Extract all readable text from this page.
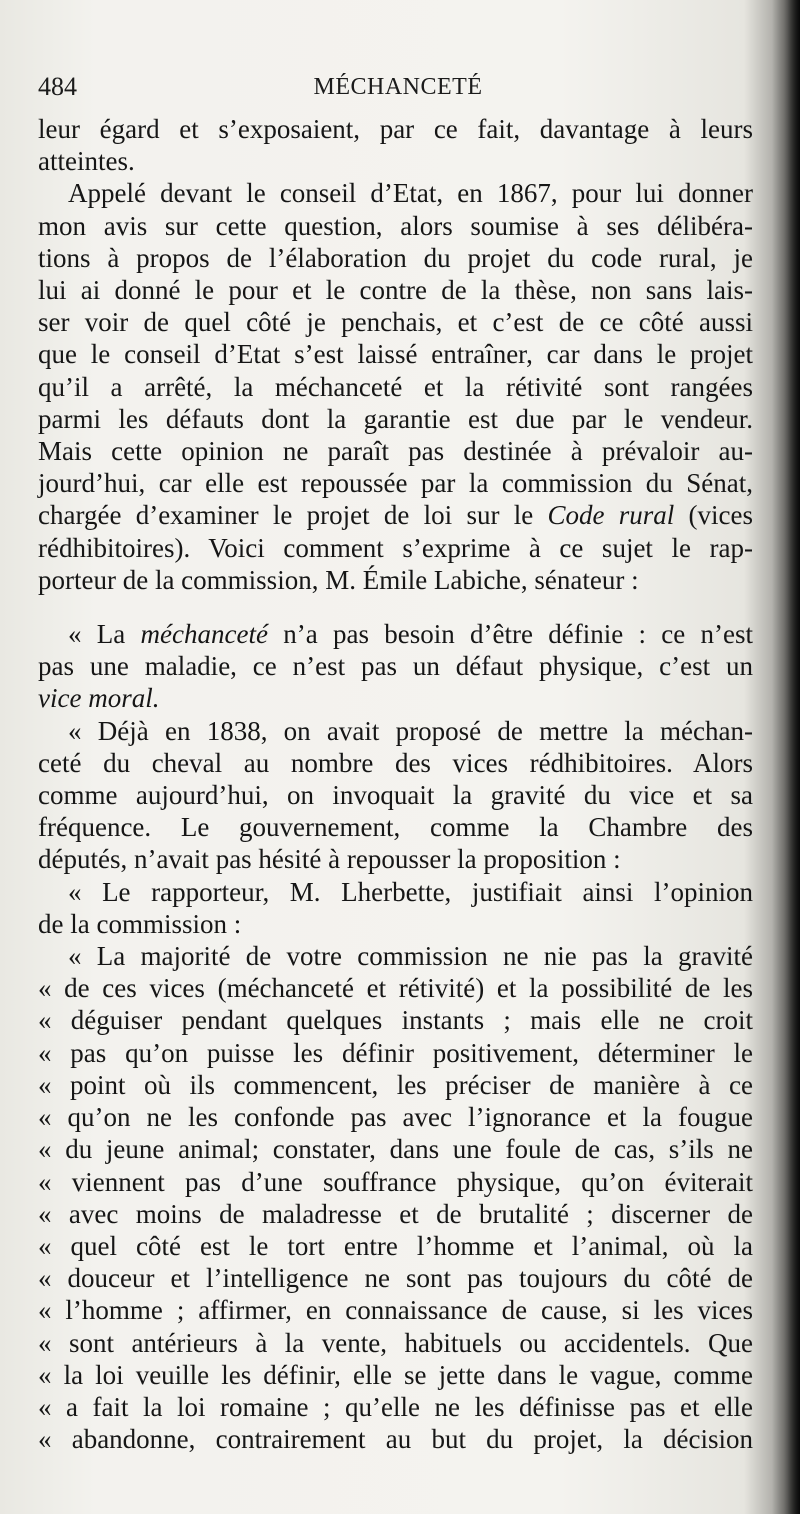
484	MÉCHANCETÉ
leur égard et s’exposaient, par ce fait, davantage à leurs
atteintes.
Appelé devant le conseil d’Etat, en 1867, pour lui donner
mon avis sur cette question, alors soumise à ses délibéra-
tions à propos de l’élaboration du projet du code rural, je
lui ai donné le pour et le contre de la thèse, non sans lais-
ser voir de quel côté je penchais, et c’est de ce côté aussi
que le conseil d’Etat s’est laissé entraîner, car dans le projet
qu’il a arrêté, la méchanceté et la rétivité sont rangées
parmi les défauts dont la garantie est due par le vendeur.
Mais cette opinion ne paraît pas destinée à prévaloir au-
jourd’hui, car elle est repoussée par la commission du Sénat,
chargée d’examiner le projet de loi sur le Code rural (vices
rédhibitoires). Voici comment s’exprime à ce sujet le rap-
porteur de la commission, M. Émile Labiche, sénateur :
« La méchanceté n’a pas besoin d’être définie : ce n’est
pas une maladie, ce n’est pas un défaut physique, c’est un
vice moral.
« Déjà en 1838, on avait proposé de mettre la méchan-
ceté du cheval au nombre des vices rédhibitoires. Alors
comme aujourd’hui, on invoquait la gravité du vice et sa
fréquence. Le gouvernement, comme la Chambre des
députés, n’avait pas hésité à repousser la proposition :
« Le rapporteur, M. Lherbette, justifiait ainsi l’opinion
de la commission :
« La majorité de votre commission ne nie pas la gravité
« de ces vices (méchanceté et rétivité) et la possibilité de les
« déguiser pendant quelques instants ; mais elle ne croit
« pas qu’on puisse les définir positivement, déterminer le
« point où ils commencent, les préciser de manière à ce
« qu’on ne les confonde pas avec l’ignorance et la fougue
« du jeune animal; constater, dans une foule de cas, s’ils ne
« viennent pas d’une souffrance physique, qu’on éviterait
« avec moins de maladresse et de brutalité ; discerner de
« quel côté est le tort entre l’homme et l’animal, où la
« douceur et l’intelligence ne sont pas toujours du côté de
« l’homme ; affirmer, en connaissance de cause, si les vices
« sont antérieurs à la vente, habituels ou accidentels. Que
« la loi veuille les définir, elle se jette dans le vague, comme
« a fait la loi romaine ; qu’elle ne les définisse pas et elle
« abandonne, contrairement au but du projet, la décision
